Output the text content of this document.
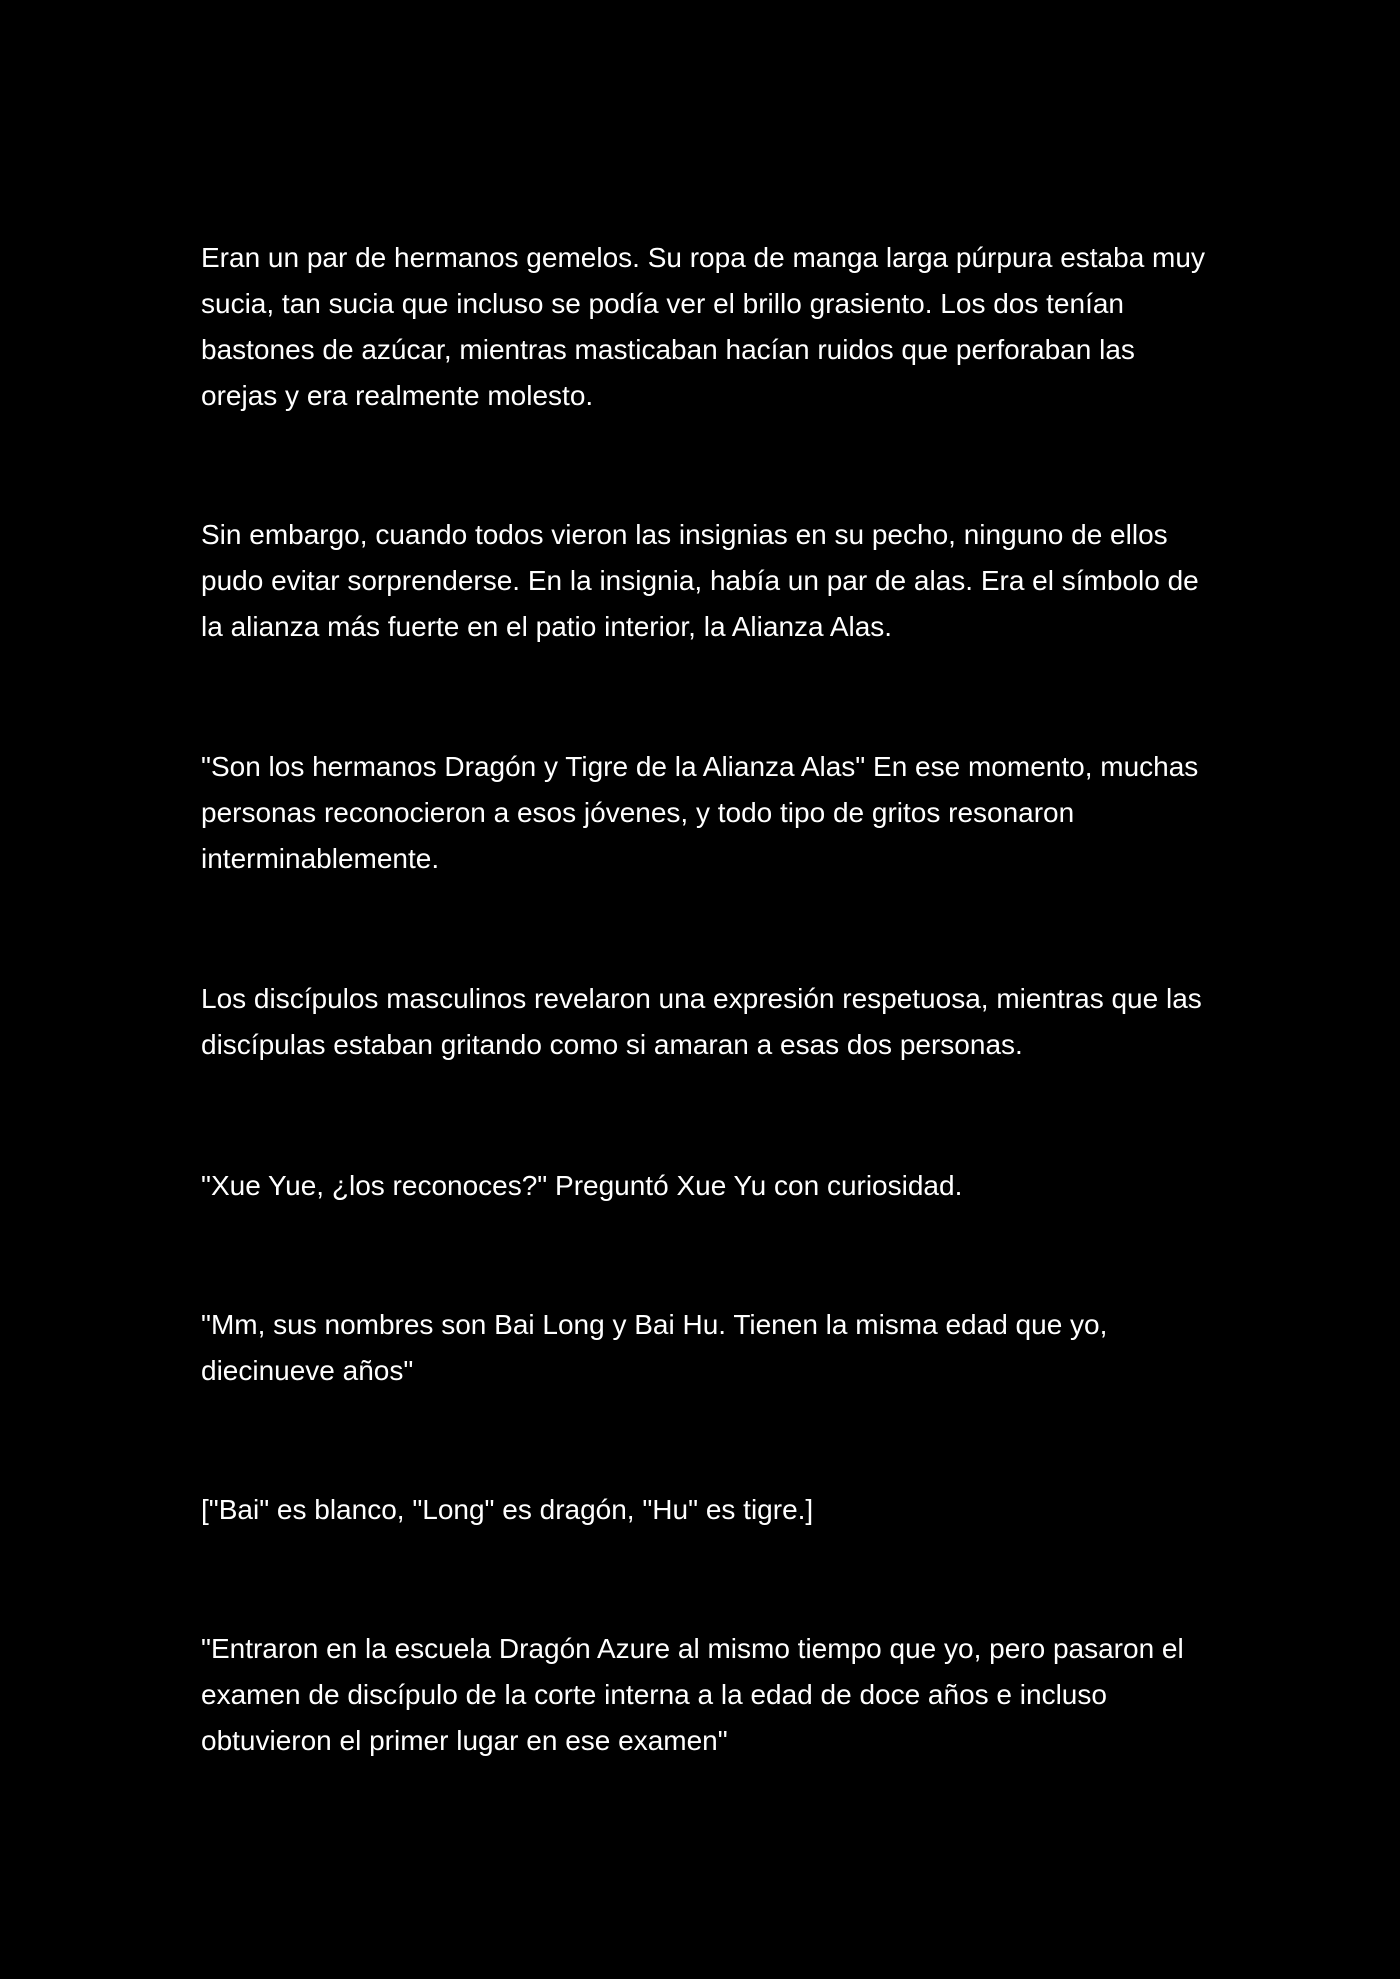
Eran un par de hermanos gemelos. Su ropa de manga larga púrpura estaba muy sucia, tan sucia que incluso se podía ver el brillo grasiento. Los dos tenían bastones de azúcar, mientras masticaban hacían ruidos que perforaban las orejas y era realmente molesto.

Sin embargo, cuando todos vieron las insignias en su pecho, ninguno de ellos pudo evitar sorprenderse. En la insignia, había un par de alas. Era el símbolo de la alianza más fuerte en el patio interior, la Alianza Alas.

"Son los hermanos Dragón y Tigre de la Alianza Alas" En ese momento, muchas personas reconocieron a esos jóvenes, y todo tipo de gritos resonaron interminablemente.

Los discípulos masculinos revelaron una expresión respetuosa, mientras que las discípulas estaban gritando como si amaran a esas dos personas.

"Xue Yue, ¿los reconoces?" Preguntó Xue Yu con curiosidad.

"Mm, sus nombres son Bai Long y Bai Hu. Tienen la misma edad que yo, diecinueve años"

["Bai" es blanco, "Long" es dragón, "Hu" es tigre.]

"Entraron en la escuela Dragón Azure al mismo tiempo que yo, pero pasaron el examen de discípulo de la corte interna a la edad de doce años e incluso obtuvieron el primer lugar en ese examen"
